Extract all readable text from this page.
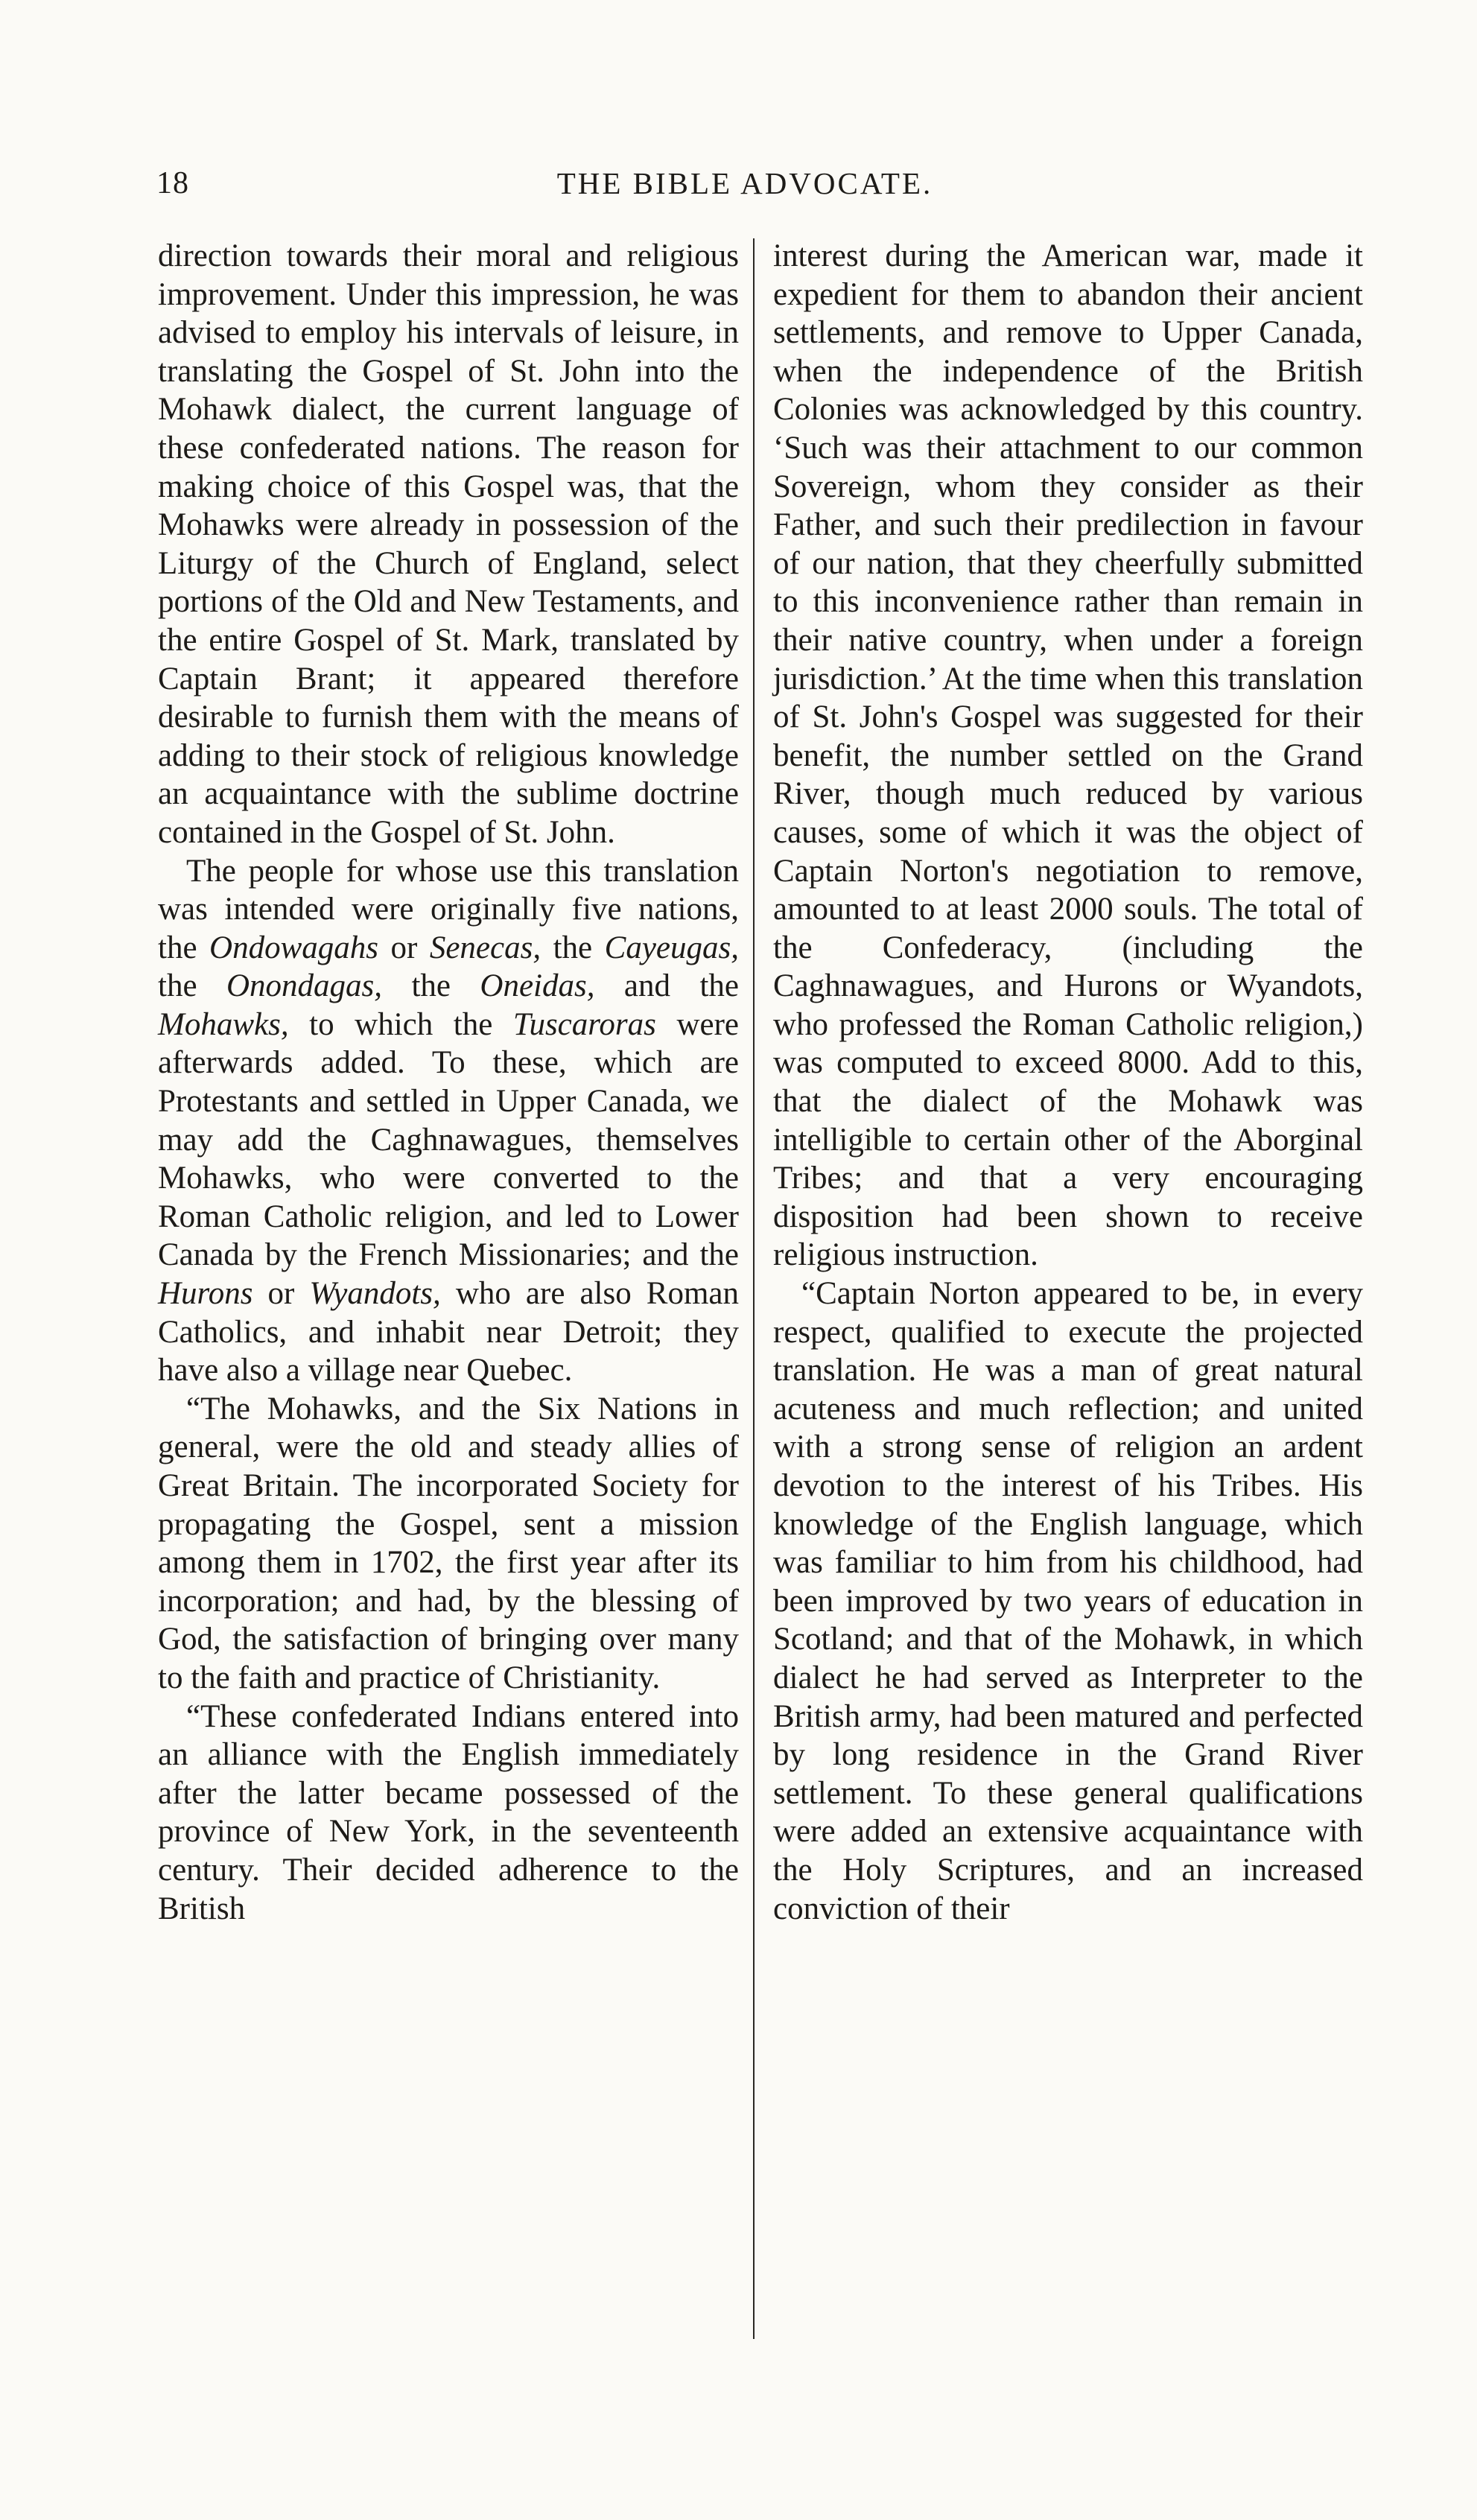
18	THE BIBLE ADVOCATE.

direction towards their moral and religious improvement. Under this impression, he was advised to employ his intervals of leisure, in translating the Gospel of St. John into the Mohawk dialect, the current language of these confederated nations. The reason for making choice of this Gospel was, that the Mohawks were already in possession of the Liturgy of the Church of England, select portions of the Old and New Testaments, and the entire Gospel of St. Mark, translated by Captain Brant; it appeared therefore desirable to furnish them with the means of adding to their stock of religious knowledge an acquaintance with the sublime doctrine contained in the Gospel of St. John.

The people for whose use this translation was intended were originally five nations, the Ondowagahs or Senecas, the Cayeugas, the Onondagas, the Oneidas, and the Mohawks, to which the Tuscaroras were afterwards added. To these, which are Protestants and settled in Upper Canada, we may add the Caghnawagues, themselves Mohawks, who were converted to the Roman Catholic religion, and led to Lower Canada by the French Missionaries; and the Hurons or Wyandots, who are also Roman Catholics, and inhabit near Detroit; they have also a village near Quebec.

“The Mohawks, and the Six Nations in general, were the old and steady allies of Great Britain. The incorporated Society for propagating the Gospel, sent a mission among them in 1702, the first year after its incorporation; and had, by the blessing of God, the satisfaction of bringing over many to the faith and practice of Christianity.

“These confederated Indians entered into an alliance with the English immediately after the latter became possessed of the province of New York, in the seventeenth century. Their decided adherence to the British

interest during the American war, made it expedient for them to abandon their ancient settlements, and remove to Upper Canada, when the independence of the British Colonies was acknowledged by this country. ‘Such was their attachment to our common Sovereign, whom they consider as their Father, and such their predilection in favour of our nation, that they cheerfully submitted to this inconvenience rather than remain in their native country, when under a foreign jurisdiction.’ At the time when this translation of St. John's Gospel was suggested for their benefit, the number settled on the Grand River, though much reduced by various causes, some of which it was the object of Captain Norton's negotiation to remove, amounted to at least 2000 souls. The total of the Confederacy, (including the Caghnawagues, and Hurons or Wyandots, who professed the Roman Catholic religion,) was computed to exceed 8000. Add to this, that the dialect of the Mohawk was intelligible to certain other of the Aborginal Tribes; and that a very encouraging disposition had been shown to receive religious instruction.

“Captain Norton appeared to be, in every respect, qualified to execute the projected translation. He was a man of great natural acuteness and much reflection; and united with a strong sense of religion an ardent devotion to the interest of his Tribes. His knowledge of the English language, which was familiar to him from his childhood, had been improved by two years of education in Scotland; and that of the Mohawk, in which dialect he had served as Interpreter to the British army, had been matured and perfected by long residence in the Grand River settlement. To these general qualifications were added an extensive acquaintance with the Holy Scriptures, and an increased conviction of their
